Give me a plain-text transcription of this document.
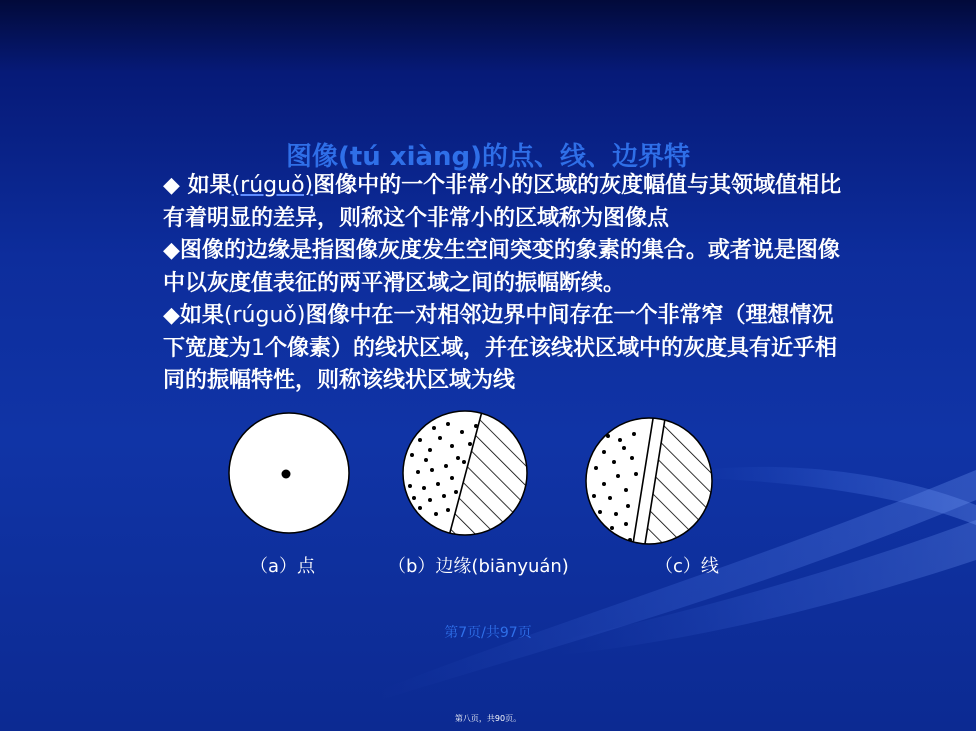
图像(tú xiàng)的点、线、边界特

◆ 如果(rúguǒ)图像中的一个非常小的区域的灰度幅值与其领域值相比有着明显的差异，则称这个非常小的区域称为图像点

◆图像的边缘是指图像灰度发生空间突变的象素的集合。或者说是图像中以灰度值表征的两平滑区域之间的振幅断续。

◆如果(rúguǒ)图像中在一对相邻边界中间存在一个非常窄（理想情况下宽度为1个像素）的线状区域，并在该线状区域中的灰度具有近乎相同的振幅特性，则称该线状区域为线

（a）点	（b）边缘(biānyuán)	（c）线
第7页/共97页
第八页，共90页。
